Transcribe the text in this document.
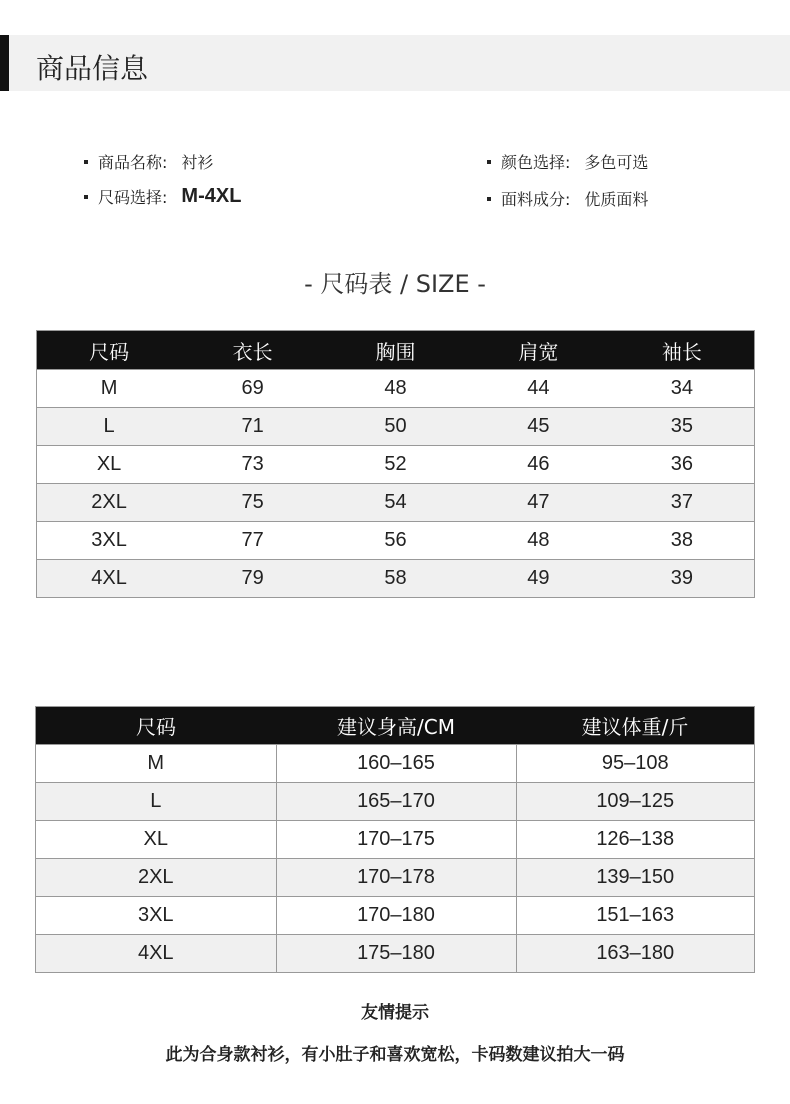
商品信息
商品名称: 衬衫
尺码选择: M-4XL
颜色选择: 多色可选
面料成分: 优质面料
- 尺码表 / SIZE -
尺码	衣长	胸围	肩宽	袖长
M	69	48	44	34
L	71	50	45	35
XL	73	52	46	36
2XL	75	54	47	37
3XL	77	56	48	38
4XL	79	58	49	39
尺码	建议身高/CM	建议体重/斤
M	160–165	95–108
L	165–170	109–125
XL	170–175	126–138
2XL	170–178	139–150
3XL	170–180	151–163
4XL	175–180	163–180
友情提示
此为合身款衬衫，有小肚子和喜欢宽松，卡码数建议拍大一码
